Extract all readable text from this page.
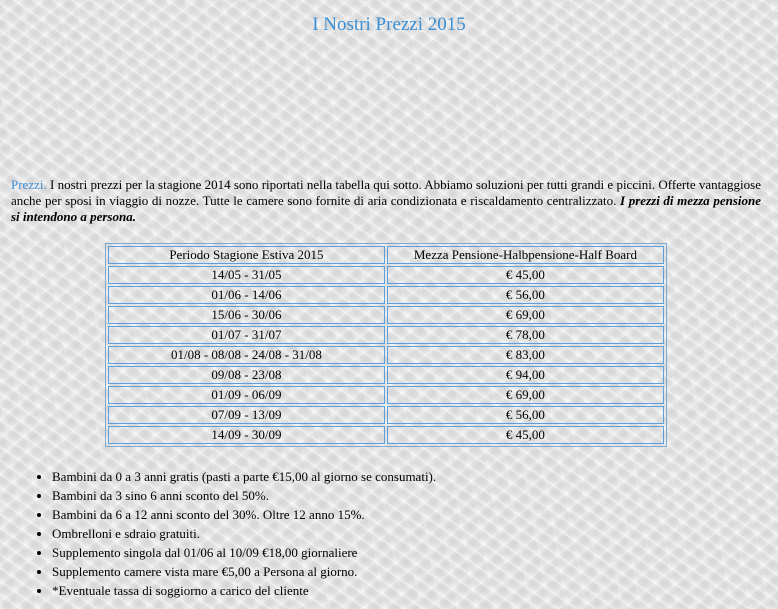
I Nostri Prezzi 2015

Prezzi. I nostri prezzi per la stagione 2014 sono riportati nella tabella qui sotto. Abbiamo soluzioni per tutti grandi e piccini. Offerte vantaggiose anche per sposi in viaggio di nozze. Tutte le camere sono fornite di aria condizionata e riscaldamento centralizzato. I prezzi di mezza pensione si intendono a persona.

Periodo Stagione Estiva 2015	Mezza Pensione-Halbpensione-Half Board
14/05 - 31/05	€ 45,00
01/06 - 14/06	€ 56,00
15/06 - 30/06	€ 69,00
01/07 - 31/07	€ 78,00
01/08 - 08/08 - 24/08 - 31/08	€ 83,00
09/08 - 23/08	€ 94,00
01/09 - 06/09	€ 69,00
07/09 - 13/09	€ 56,00
14/09 - 30/09	€ 45,00
• Bambini da 0 a 3 anni gratis (pasti a parte €15,00 al giorno se consumati).
• Bambini da 3 sino 6 anni sconto del 50%.
• Bambini da 6 a 12 anni sconto del 30%. Oltre 12 anno 15%.
• Ombrelloni e sdraio gratuiti.
• Supplemento singola dal 01/06 al 10/09 €18,00 giornaliere
• Supplemento camere vista mare €5,00 a Persona al giorno.
• *Eventuale tassa di soggiorno a carico del cliente
